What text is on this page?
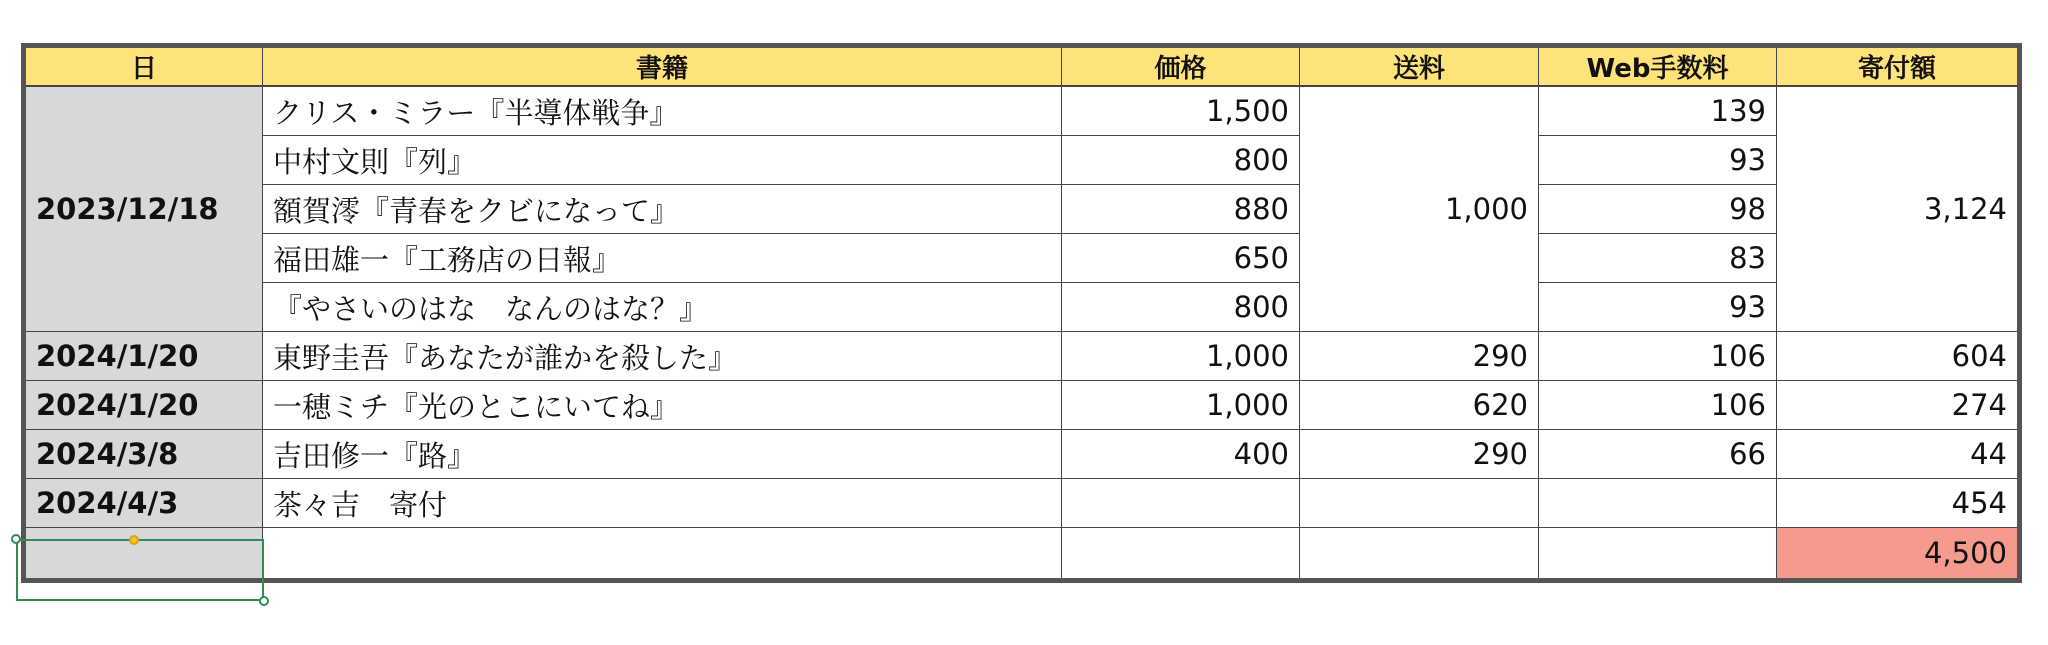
日	書籍	価格	送料	Web手数料	寄付額
2023/12/18	クリス・ミラー『半導体戦争』	1,500	1,000	139	3,124
	中村文則『列』	800		93	
	額賀澪『青春をクビになって』	880		98	
	福田雄一『工務店の日報』	650		83	
	『やさいのはな　なんのはな？』	800		93	
2024/1/20	東野圭吾『あなたが誰かを殺した』	1,000	290	106	604
2024/1/20	一穂ミチ『光のとこにいてね』	1,000	620	106	274
2024/3/8	吉田修一『路』	400	290	66	44
2024/4/3	茶々吉　寄付				454
					4,500
